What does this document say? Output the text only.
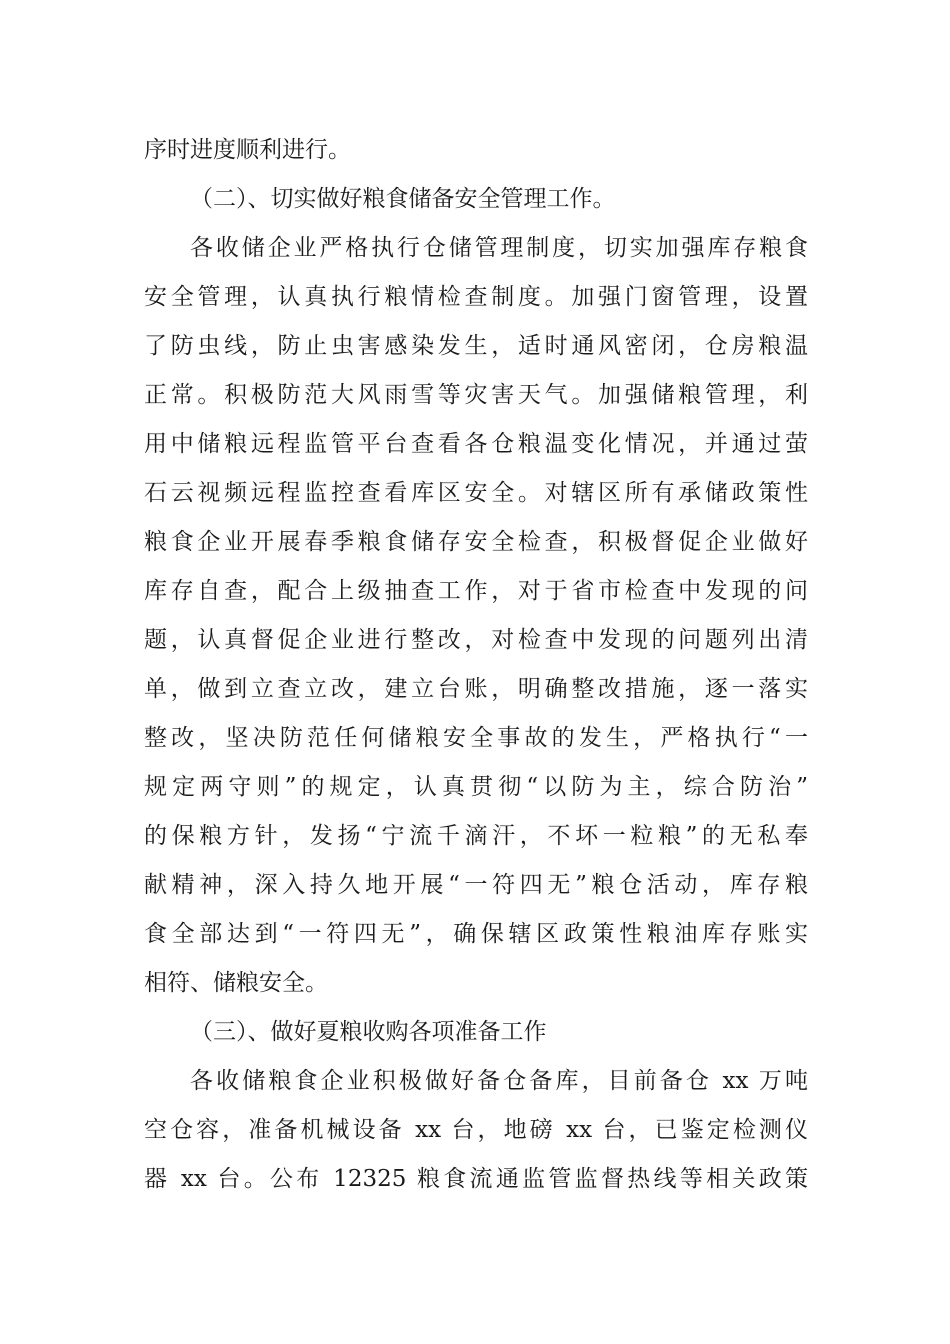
序时进度顺利进行。
（二）、切实做好粮食储备安全管理工作。
各收储企业严格执行仓储管理制度，切实加强库存粮食
安全管理，认真执行粮情检查制度。加强门窗管理，设置
了防虫线，防止虫害感染发生，适时通风密闭，仓房粮温
正常。积极防范大风雨雪等灾害天气。加强储粮管理，利
用中储粮远程监管平台查看各仓粮温变化情况，并通过萤
石云视频远程监控查看库区安全。对辖区所有承储政策性
粮食企业开展春季粮食储存安全检查，积极督促企业做好
库存自查，配合上级抽查工作，对于省市检查中发现的问
题，认真督促企业进行整改，对检查中发现的问题列出清
单，做到立查立改，建立台账，明确整改措施，逐一落实
整改，坚决防范任何储粮安全事故的发生，严格执行“一
规定两守则”的规定，认真贯彻“以防为主，综合防治”
的保粮方针，发扬“宁流千滴汗，不坏一粒粮”的无私奉
献精神，深入持久地开展“一符四无”粮仓活动，库存粮
食全部达到“一符四无”，确保辖区政策性粮油库存账实
相符、储粮安全。
（三）、做好夏粮收购各项准备工作
各收储粮食企业积极做好备仓备库，目前备仓 xx 万吨
空仓容，准备机械设备 xx 台，地磅 xx 台，已鉴定检测仪
器 xx 台。公布 12325 粮食流通监管监督热线等相关政策
